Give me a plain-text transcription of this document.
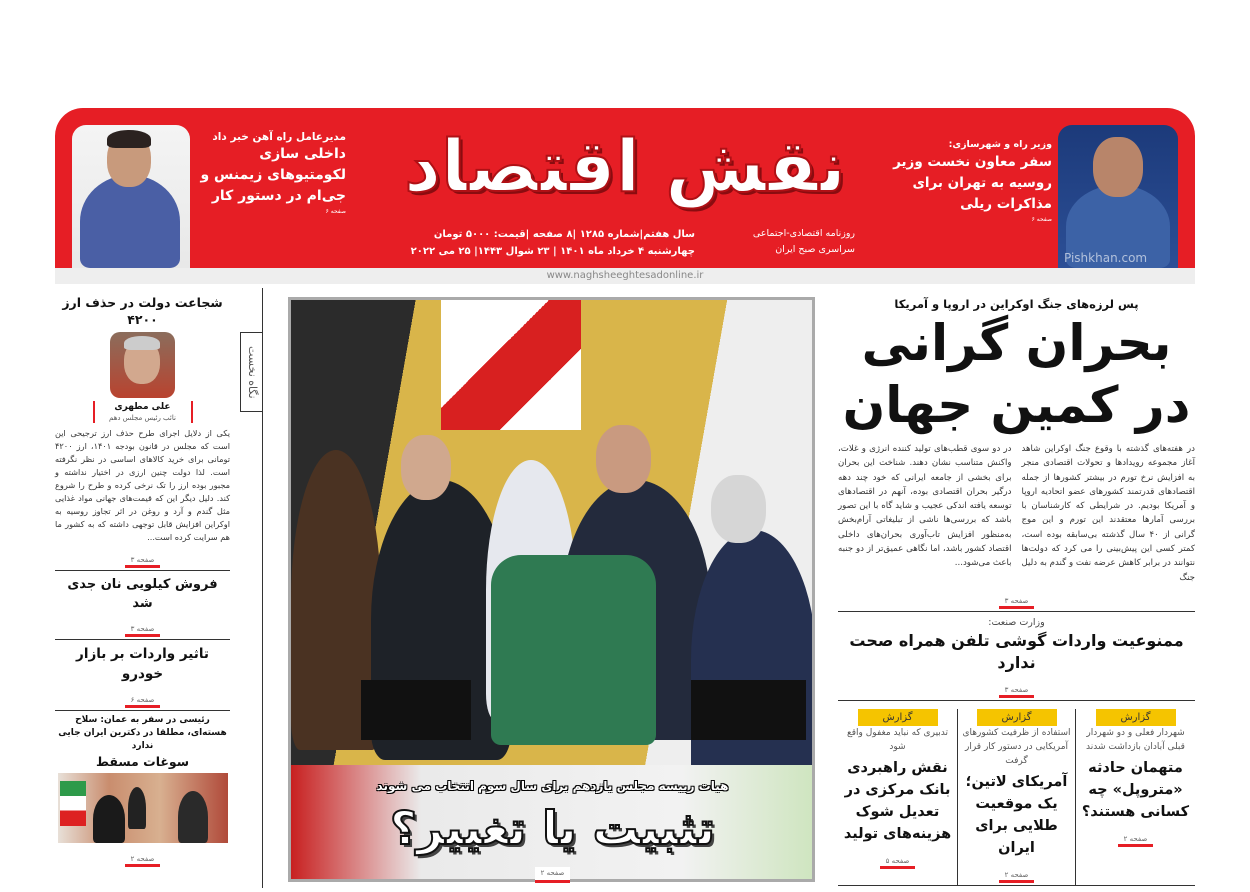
نقش اقتصاد
روزنامه اقتصادی-اجتماعی
سراسری صبح ایران
سال هفتم|شماره ۱۲۸۵ |۸ صفحه |قیمت: ۵۰۰۰ تومان
چهارشنبه ۴ خرداد ماه ۱۴۰۱ | ۲۳ شوال ۱۴۴۳| ۲۵ می ۲۰۲۲
www.naghsheeghtesadonline.ir
مدیرعامل راه آهن خبر داد
داخلی سازی لکومتیوهای زیمنس و جی‌ام در دستور کار
صفحه ۶
وزیر راه و شهرسازی:
سفر معاون نخست وزیر روسیه به تهران برای مذاکرات ریلی
صفحه ۶
Pishkhan.com
نگاه نخست
شجاعت دولت در حذف ارز ۴۲۰۰
علی مطهری
نائب رئیس مجلس دهم
یکی از دلایل اجرای طرح حذف ارز ترجیحی این است که مجلس در قانون بودجه ۱۴۰۱، ارز ۴۲۰۰ تومانی برای خرید کالاهای اساسی در نظر نگرفته است. لذا دولت چنین ارزی در اختیار نداشته و مجبور بوده ارز را تک نرخی کرده و طرح را شروع کند. دلیل دیگر این که قیمت‌های جهانی مواد غذایی مثل گندم و آرد و روغن در اثر تجاوز روسیه به اوکراین افزایش قابل توجهی داشته که به کشور ما هم سرایت کرده است...
صفحه ۳
فروش کیلویی نان جدی شد
صفحه ۳
تاثیر واردات بر بازار خودرو
صفحه ۶
رئیسی در سفر به عمان: سلاح هسته‌ای، مطلقا در دکترین ایران جایی ندارد
سوغات مسقط
صفحه ۲
هیات رییسه مجلس یازدهم برای سال سوم انتخاب می شوند
تثبیت یا تغییر؟
صفحه ۲
پس لرزه‌های جنگ اوکراین در اروپا و آمریکا
بحران گرانی
در کمین جهان
در هفته‌های گذشته با وقوع جنگ اوکراین شاهد آغاز مجموعه رویدادها و تحولات اقتصادی منجر به افزایش نرخ تورم در بیشتر کشورها از جمله اقتصادهای قدرتمند کشورهای عضو اتحادیه اروپا و آمریکا بودیم. در شرایطی که کارشناسان با بررسی آمارها معتقدند این تورم و این موج گرانی از ۴۰ سال گذشته بی‌سابقه بوده است، کمتر کسی این پیش‌بینی را می کرد که دولت‌ها نتوانند در برابر کاهش عرضه نفت و گندم به دلیل جنگ
در دو سوی قطب‌های تولید کننده انرژی و غلات، واکنش متناسب نشان دهند. شناخت این بحران برای بخشی از جامعه ایرانی که خود چند دهه درگیر بحران اقتصادی بوده، آنهم در اقتصادهای توسعه یافته اندکی عجیب و شاید گاه با این تصور باشد که بررسی‌ها ناشی از تبلیغاتی آرام‌بخش به‌منظور افزایش تاب‌آوری بحران‌های داخلی اقتصاد کشور باشد، اما نگاهی عمیق‌تر از دو جنبه باعث می‌شود...
صفحه ۳
وزارت صنعت:
ممنوعیت واردات گوشی تلفن همراه صحت ندارد
صفحه ۳
گزارش
شهردار فعلی و دو شهردار قبلی آبادان بازداشت شدند
متهمان حادثه «متروپل» چه کسانی هستند؟
صفحه ۲
گزارش
استفاده از ظرفیت کشورهای آمریکایی در دستور کار قرار گرفت
آمریکای لاتین؛ یک موقعیت طلایی برای ایران
صفحه ۲
گزارش
تدبیری که نباید مغفول واقع شود
نقش راهبردی بانک مرکزی در تعدیل شوک هزینه‌های تولید
صفحه ۵
